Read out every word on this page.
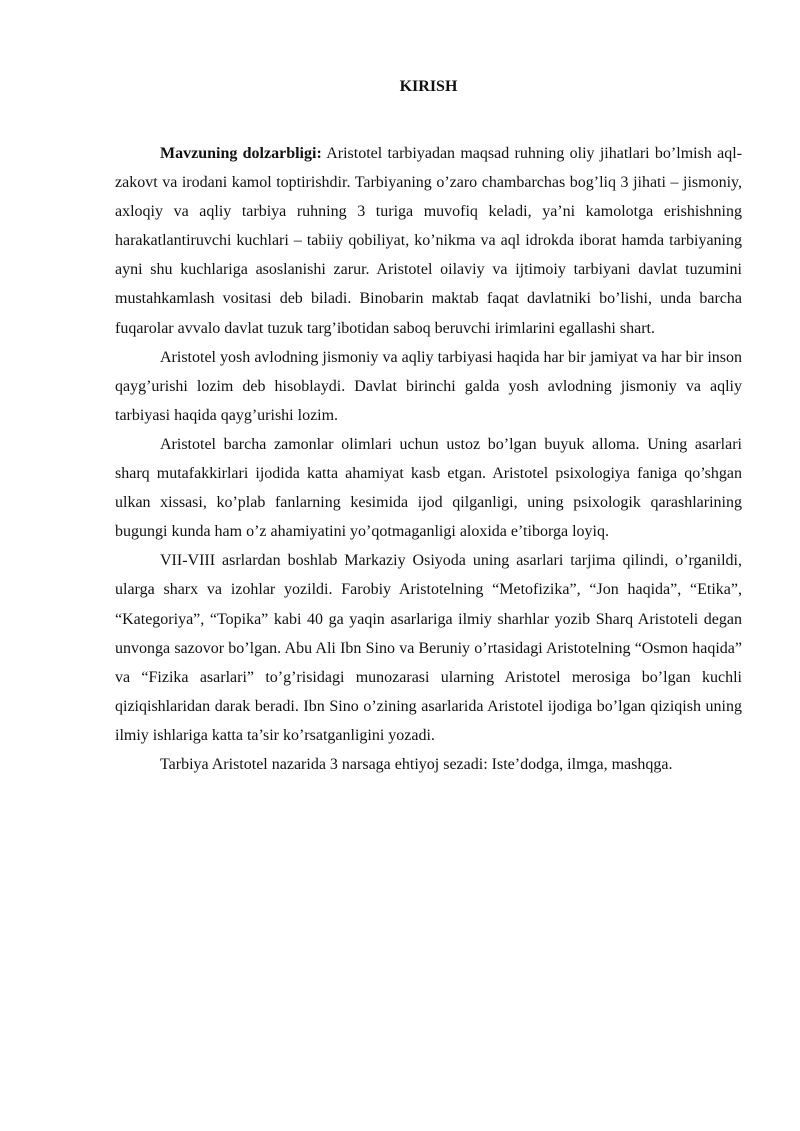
KIRISH

Mavzuning dolzarbligi: Aristotel tarbiyadan maqsad ruhning oliy jihatlari bo’lmish aql-zakovt va irodani kamol toptirishdir. Tarbiyaning o’zaro chambarchas bog’liq 3 jihati – jismoniy, axloqiy va aqliy tarbiya ruhning 3 turiga muvofiq keladi, ya’ni kamolotga erishishning harakatlantiruvchi kuchlari – tabiiy qobiliyat, ko’nikma va aql idrokda iborat hamda tarbiyaning ayni shu kuchlariga asoslanishi zarur. Aristotel oilaviy va ijtimoiy tarbiyani davlat tuzumini mustahkamlash vositasi deb biladi. Binobarin maktab faqat davlatniki bo’lishi, unda barcha fuqarolar avvalo davlat tuzuk targ’ibotidan saboq beruvchi irimlarini egallashi shart.

Aristotel yosh avlodning jismoniy va aqliy tarbiyasi haqida har bir jamiyat va har bir inson qayg’urishi lozim deb hisoblaydi. Davlat birinchi galda yosh avlodning jismoniy va aqliy tarbiyasi haqida qayg’urishi lozim.

Aristotel barcha zamonlar olimlari uchun ustoz bo’lgan buyuk alloma. Uning asarlari sharq mutafakkirlari ijodida katta ahamiyat kasb etgan. Aristotel psixologiya faniga qo’shgan ulkan xissasi, ko’plab fanlarning kesimida ijod qilganligi, uning psixologik qarashlarining bugungi kunda ham o’z ahamiyatini yo’qotmaganligi aloxida e’tiborga loyiq.

VII-VIII asrlardan boshlab Markaziy Osiyoda uning asarlari tarjima qilindi, o’rganildi, ularga sharx va izohlar yozildi. Farobiy Aristotelning “Metofizika”, “Jon haqida”, “Etika”, “Kategoriya”, “Topika” kabi 40 ga yaqin asarlariga ilmiy sharhlar yozib Sharq Aristoteli degan unvonga sazovor bo’lgan. Abu Ali Ibn Sino va Beruniy o’rtasidagi Aristotelning “Osmon haqida” va “Fizika asarlari” to’g’risidagi munozarasi ularning Aristotel merosiga bo’lgan kuchli qiziqishlaridan darak beradi. Ibn Sino o’zining asarlarida Aristotel ijodiga bo’lgan qiziqish uning ilmiy ishlariga katta ta’sir ko’rsatganligini yozadi.

Tarbiya Aristotel nazarida 3 narsaga ehtiyoj sezadi: Iste’dodga, ilmga, mashqga.
